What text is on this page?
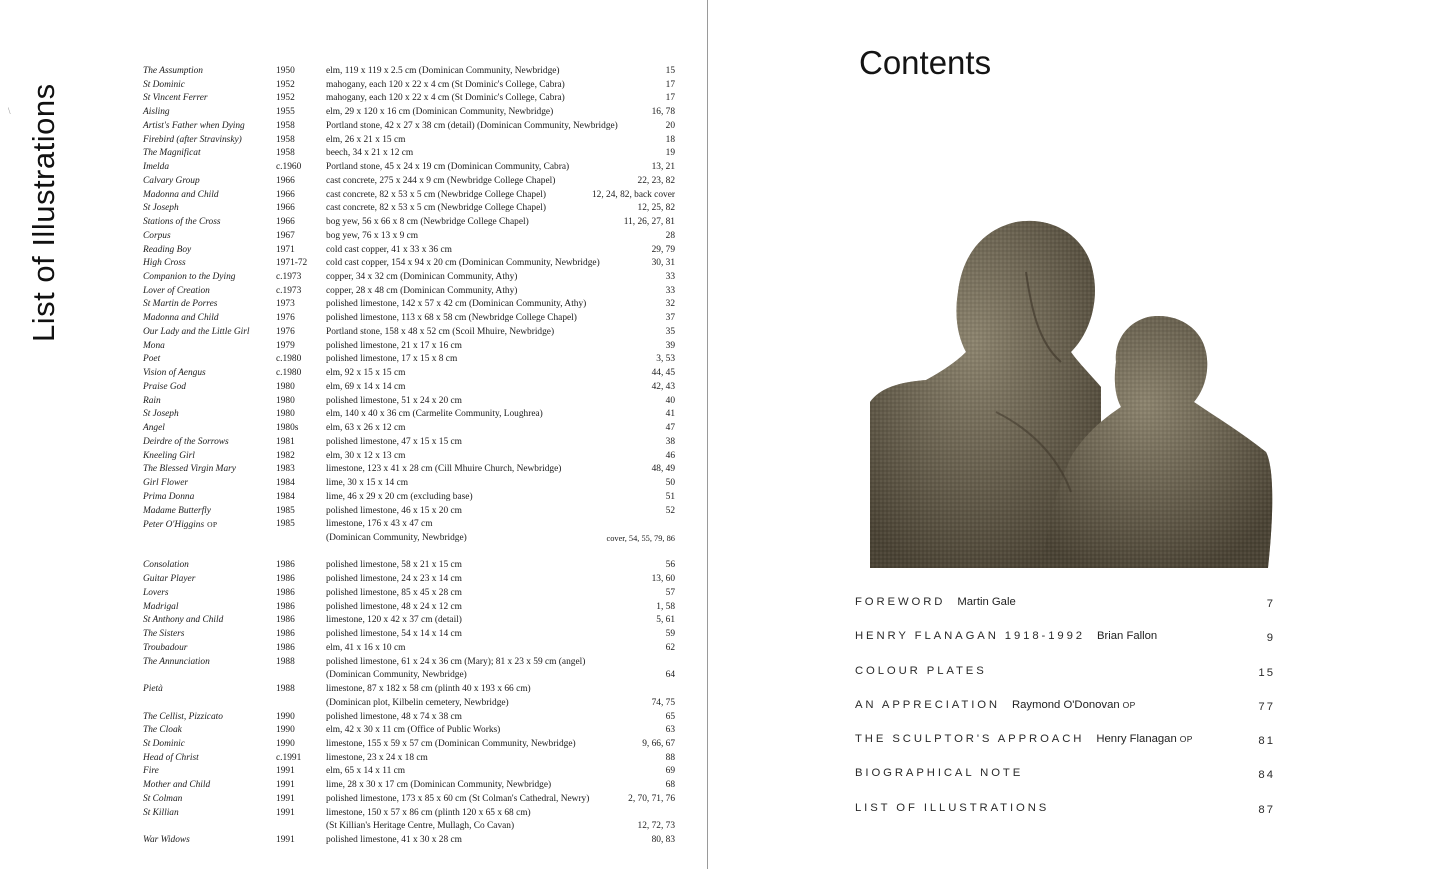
\ List of Illustrations
The Assumption	1950	elm, 119 x 119 x 2.5 cm (Dominican Community, Newbridge)	15
St Dominic	1952	mahogany, each 120 x 22 x 4 cm (St Dominic's College, Cabra)	17
St Vincent Ferrer	1952	mahogany, each 120 x 22 x 4 cm (St Dominic's College, Cabra)	17
Aisling	1955	elm, 29 x 120 x 16 cm (Dominican Community, Newbridge)	16, 78
Artist's Father when Dying	1958	Portland stone, 42 x 27 x 38 cm (detail) (Dominican Community, Newbridge)	20
Firebird (after Stravinsky)	1958	elm, 26 x 21 x 15 cm	18
The Magnificat	1958	beech, 34 x 21 x 12 cm	19
Imelda	c.1960	Portland stone, 45 x 24 x 19 cm (Dominican Community, Cabra)	13, 21
Calvary Group	1966	cast concrete, 275 x 244 x 9 cm (Newbridge College Chapel)	22, 23, 82
Madonna and Child	1966	cast concrete, 82 x 53 x 5 cm (Newbridge College Chapel)	12, 24, 82, back cover
St Joseph	1966	cast concrete, 82 x 53 x 5 cm (Newbridge College Chapel)	12, 25, 82
Stations of the Cross	1966	bog yew, 56 x 66 x 8 cm (Newbridge College Chapel)	11, 26, 27, 81
Corpus	1967	bog yew, 76 x 13 x 9 cm	28
Reading Boy	1971	cold cast copper, 41 x 33 x 36 cm	29, 79
High Cross	1971-72 cold cast copper, 154 x 94 x 20 cm (Dominican Community, Newbridge)	30, 31
Companion to the Dying	c.1973	copper, 34 x 32 cm (Dominican Community, Athy)	33
Lover of Creation	c.1973	copper, 28 x 48 cm (Dominican Community, Athy)	33
St Martin de Porres	1973	polished limestone, 142 x 57 x 42 cm (Dominican Community, Athy)	32
Madonna and Child	1976	polished limestone, 113 x 68 x 58 cm (Newbridge College Chapel)	37
Our Lady and the Little Girl	1976	Portland stone, 158 x 48 x 52 cm (Scoil Mhuire, Newbridge)	35
Mona	1979	polished limestone, 21 x 17 x 16 cm	39
Poet	c.1980	polished limestone, 17 x 15 x 8 cm	3, 53
Vision of Aengus	c.1980	elm, 92 x 15 x 15 cm	44, 45
Praise God	1980	elm, 69 x 14 x 14 cm	42, 43
Rain	1980	polished limestone, 51 x 24 x 20 cm	40
St Joseph	1980	elm, 140 x 40 x 36 cm (Carmelite Community, Loughrea)	41
Angel	1980s	elm, 63 x 26 x 12 cm	47
Deirdre of the Sorrows	1981	polished limestone, 47 x 15 x 15 cm	38
Kneeling Girl	1982	elm, 30 x 12 x 13 cm	46
The Blessed Virgin Mary	1983	limestone, 123 x 41 x 28 cm (Cill Mhuire Church, Newbridge)	48, 49
Girl Flower	1984	lime, 30 x 15 x 14 cm	50
Prima Donna	1984	lime, 46 x 29 x 20 cm (excluding base)	51
Madame Butterfly	1985	polished limestone, 46 x 15 x 20 cm	52
Peter O'Higgins OP	1985	limestone, 176 x 43 x 47 cm
(Dominican Community, Newbridge)	cover, 54, 55, 79, 86
Consolation	1986	polished limestone, 58 x 21 x 15 cm	56
Guitar Player	1986	polished limestone, 24 x 23 x 14 cm	13, 60
Lovers	1986	polished limestone, 85 x 45 x 28 cm	57
Madrigal	1986	polished limestone, 48 x 24 x 12 cm	1, 58
St Anthony and Child	1986	limestone, 120 x 42 x 37 cm (detail)	5, 61
The Sisters	1986	polished limestone, 54 x 14 x 14 cm	59
Troubadour	1986	elm, 41 x 16 x 10 cm	62
The Annunciation	1988	polished limestone, 61 x 24 x 36 cm (Mary); 81 x 23 x 59 cm (angel)
(Dominican Community, Newbridge)	64
Pietà	1988	limestone, 87 x 182 x 58 cm (plinth 40 x 193 x 66 cm)
(Dominican plot, Kilbelin cemetery, Newbridge)	74, 75
The Cellist, Pizzicato	1990	polished limestone, 48 x 74 x 38 cm	65
The Cloak	1990	elm, 42 x 30 x 11 cm (Office of Public Works)	63
St Dominic	1990	limestone, 155 x 59 x 57 cm (Dominican Community, Newbridge)	9, 66, 67
Head of Christ	c.1991	limestone, 23 x 24 x 18 cm	88
Fire	1991	elm, 65 x 14 x 11 cm	69
Mother and Child	1991	lime, 28 x 30 x 17 cm (Dominican Community, Newbridge)	68
St Colman	1991	polished limestone, 173 x 85 x 60 cm (St Colman's Cathedral, Newry)	2, 70, 71, 76
St Killian	1991	limestone, 150 x 57 x 86 cm (plinth 120 x 65 x 68 cm)
(St Killian's Heritage Centre, Mullagh, Co Cavan)	12, 72, 73
War Widows	1991	polished limestone, 41 x 30 x 28 cm	80, 83
Contents
FOREWORD Martin Gale	7
HENRY FLANAGAN 1918-1992 Brian Fallon	9
COLOUR PLATES	15
AN APPRECIATION Raymond O'Donovan OP	77
THE SCULPTOR'S APPROACH Henry Flanagan OP	81
BIOGRAPHICAL NOTE	84
LIST OF ILLUSTRATIONS	87
